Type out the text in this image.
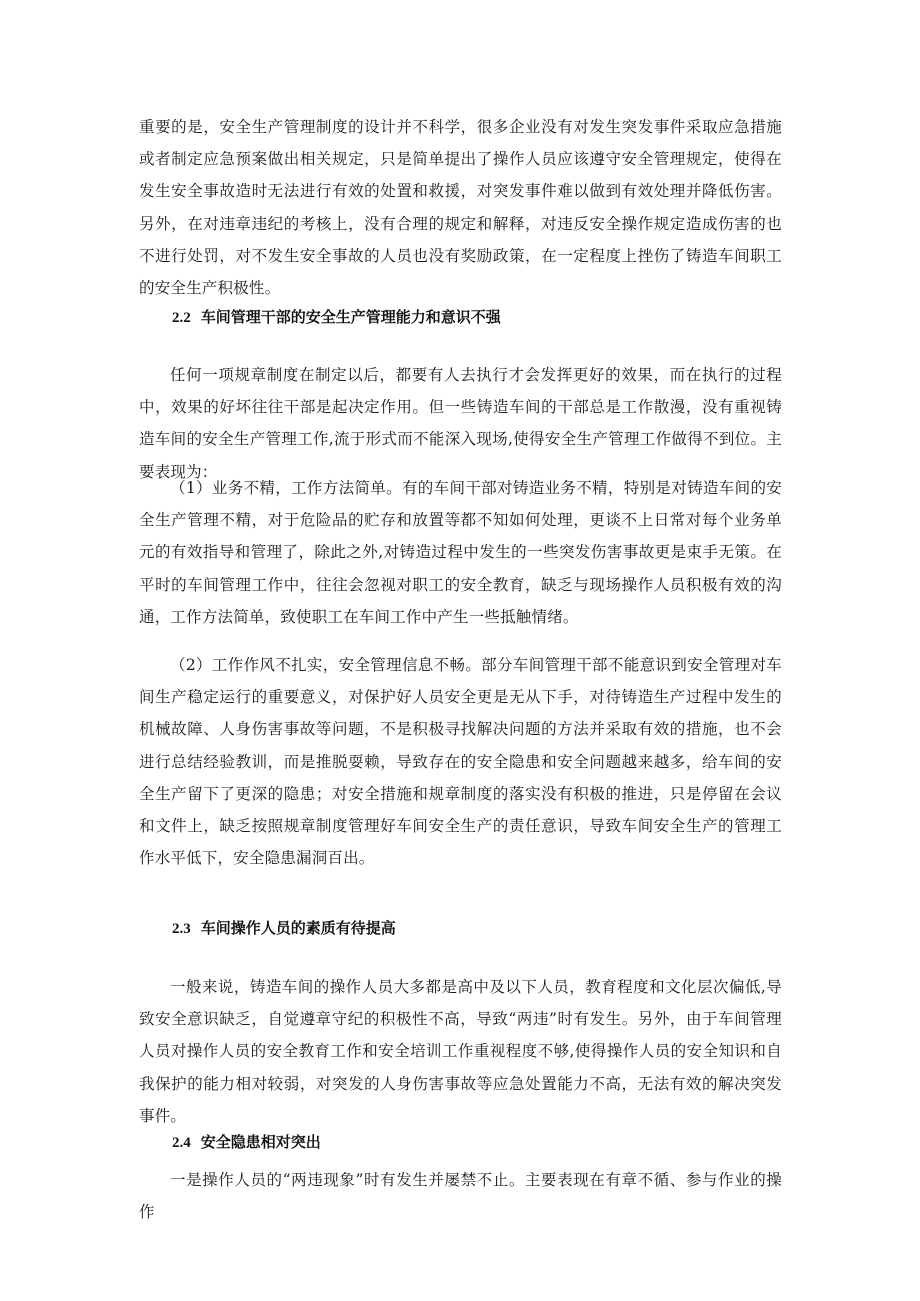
重要的是，安全生产管理制度的设计并不科学，很多企业没有对发生突发事件采取应急措施或者制定应急预案做出相关规定，只是简单提出了操作人员应该遵守安全管理规定，使得在发生安全事故造时无法进行有效的处置和救援，对突发事件难以做到有效处理并降低伤害。另外，在对违章违纪的考核上，没有合理的规定和解释，对违反安全操作规定造成伤害的也不进行处罚，对不发生安全事故的人员也没有奖励政策，在一定程度上挫伤了铸造车间职工的安全生产积极性。

2.2 车间管理干部的安全生产管理能力和意识不强

任何一项规章制度在制定以后，都要有人去执行才会发挥更好的效果，而在执行的过程中，效果的好坏往往干部是起决定作用。但一些铸造车间的干部总是工作散漫，没有重视铸造车间的安全生产管理工作,流于形式而不能深入现场,使得安全生产管理工作做得不到位。主要表现为：

（1）业务不精，工作方法简单。有的车间干部对铸造业务不精，特别是对铸造车间的安全生产管理不精，对于危险品的贮存和放置等都不知如何处理，更谈不上日常对每个业务单元的有效指导和管理了，除此之外,对铸造过程中发生的一些突发伤害事故更是束手无策。在平时的车间管理工作中，往往会忽视对职工的安全教育，缺乏与现场操作人员积极有效的沟通，工作方法简单，致使职工在车间工作中产生一些抵触情绪。

（2）工作作风不扎实，安全管理信息不畅。部分车间管理干部不能意识到安全管理对车间生产稳定运行的重要意义，对保护好人员安全更是无从下手，对待铸造生产过程中发生的机械故障、人身伤害事故等问题，不是积极寻找解决问题的方法并采取有效的措施，也不会进行总结经验教训，而是推脱耍赖，导致存在的安全隐患和安全问题越来越多，给车间的安全生产留下了更深的隐患；对安全措施和规章制度的落实没有积极的推进，只是停留在会议和文件上，缺乏按照规章制度管理好车间安全生产的责任意识，导致车间安全生产的管理工作水平低下，安全隐患漏洞百出。

2.3 车间操作人员的素质有待提高

一般来说，铸造车间的操作人员大多都是高中及以下人员，教育程度和文化层次偏低,导致安全意识缺乏，自觉遵章守纪的积极性不高，导致“两违”时有发生。另外，由于车间管理人员对操作人员的安全教育工作和安全培训工作重视程度不够,使得操作人员的安全知识和自我保护的能力相对较弱，对突发的人身伤害事故等应急处置能力不高，无法有效的解决突发事件。

2.4 安全隐患相对突出

一是操作人员的“两违现象”时有发生并屡禁不止。主要表现在有章不循、参与作业的操作
